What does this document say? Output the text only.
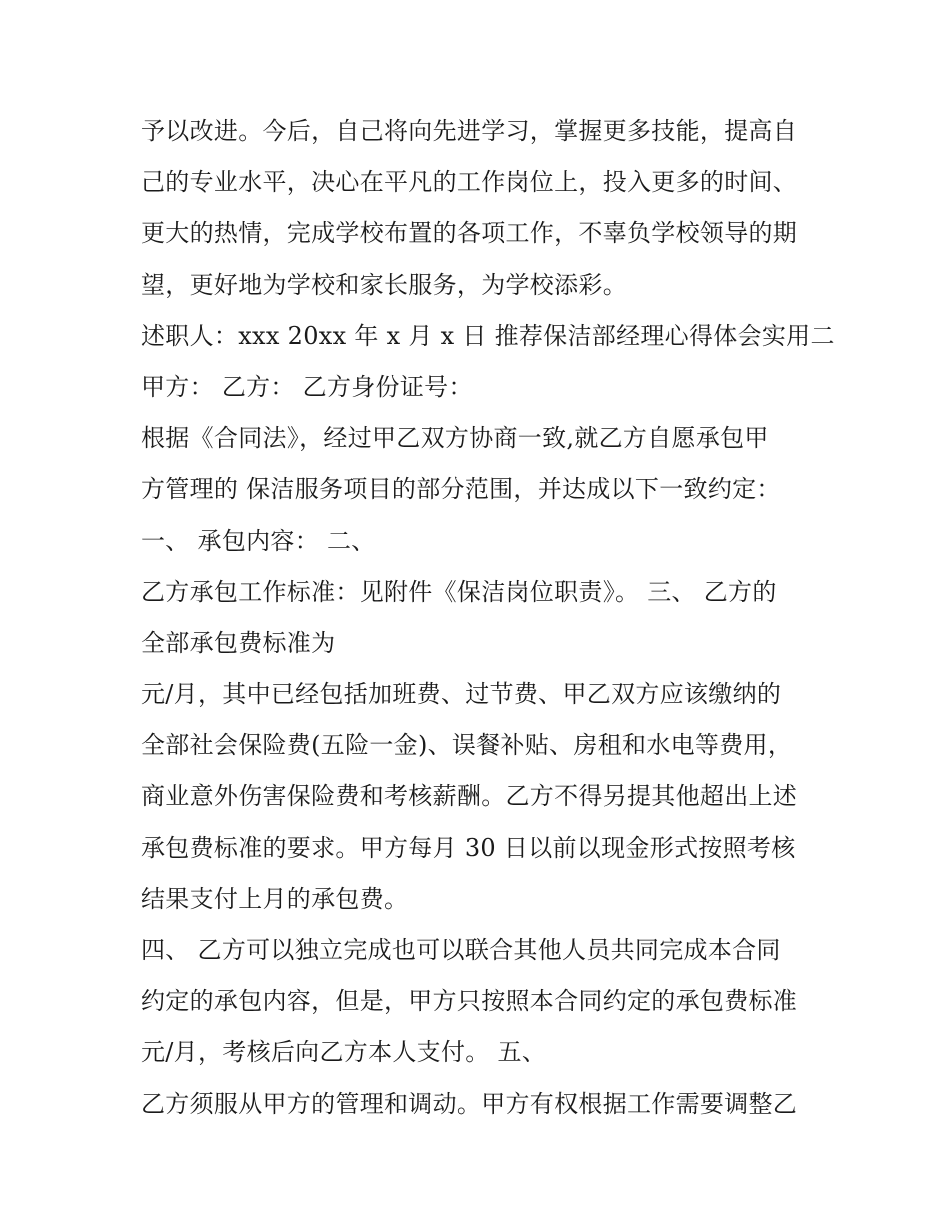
予以改进。今后，自己将向先进学习，掌握更多技能，提高自
己的专业水平，决心在平凡的工作岗位上，投入更多的时间、
更大的热情，完成学校布置的各项工作，不辜负学校领导的期
望，更好地为学校和家长服务，为学校添彩。
述职人：xxx 20xx 年 x 月 x 日 推荐保洁部经理心得体会实用二
甲方： 乙方： 乙方身份证号：
根据《合同法》，经过甲乙双方协商一致,就乙方自愿承包甲
方管理的 保洁服务项目的部分范围，并达成以下一致约定：
一、 承包内容： 二、
乙方承包工作标准：见附件《保洁岗位职责》。 三、 乙方的
全部承包费标准为
元/月，其中已经包括加班费、过节费、甲乙双方应该缴纳的
全部社会保险费(五险一金)、误餐补贴、房租和水电等费用，
商业意外伤害保险费和考核薪酬。乙方不得另提其他超出上述
承包费标准的要求。甲方每月 30 日以前以现金形式按照考核
结果支付上月的承包费。
四、 乙方可以独立完成也可以联合其他人员共同完成本合同
约定的承包内容，但是，甲方只按照本合同约定的承包费标准
元/月，考核后向乙方本人支付。 五、
乙方须服从甲方的管理和调动。甲方有权根据工作需要调整乙
